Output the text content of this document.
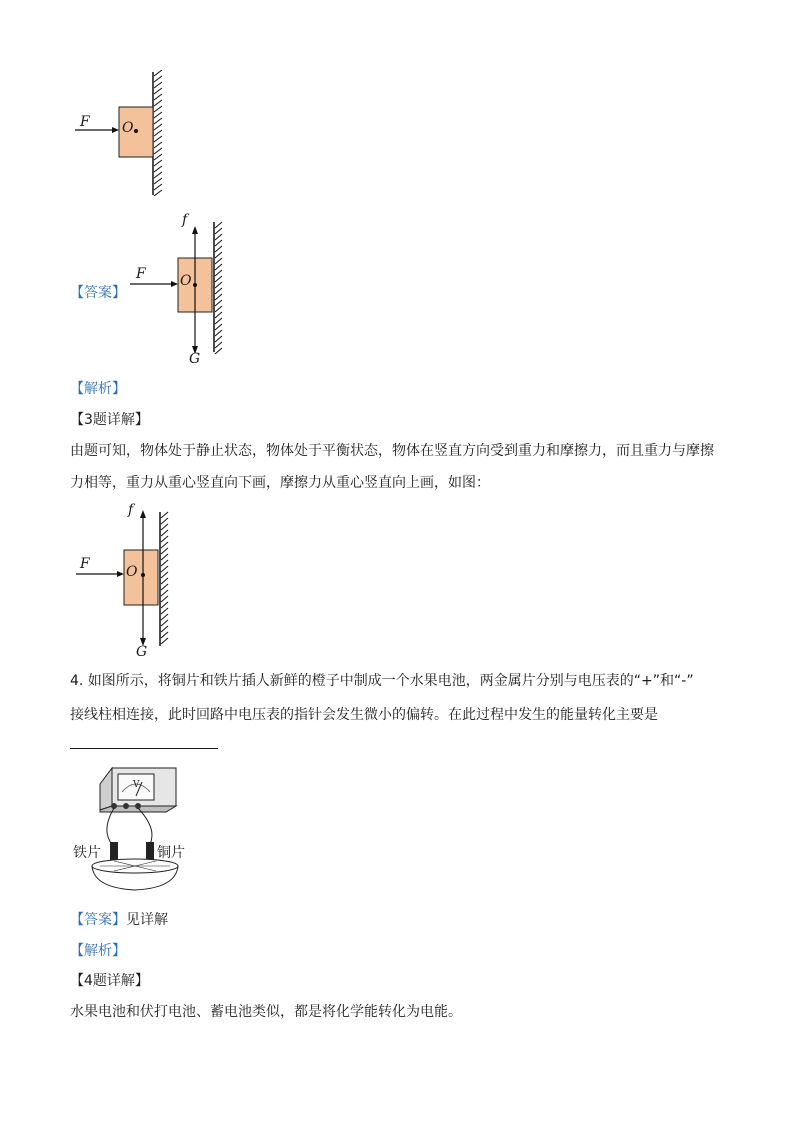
F O
【答案】
f
F O
G
【解析】
【3题详解】
由题可知，物体处于静止状态，物体处于平衡状态，物体在竖直方向受到重力和摩擦力，而且重力与摩擦
力相等，重力从重心竖直向下画，摩擦力从重心竖直向上画，如图：
f
F	O
G
4. 如图所示，将铜片和铁片插人新鲜的橙子中制成一个水果电池，两金属片分别与电压表的“+”和“-”
接线柱相连接，此时回路中电压表的指针会发生微小的偏转。在此过程中发生的能量转化主要是
V
铁片	铜片
【答案】见详解
【解析】
【4题详解】
水果电池和伏打电池、蓄电池类似，都是将化学能转化为电能。
